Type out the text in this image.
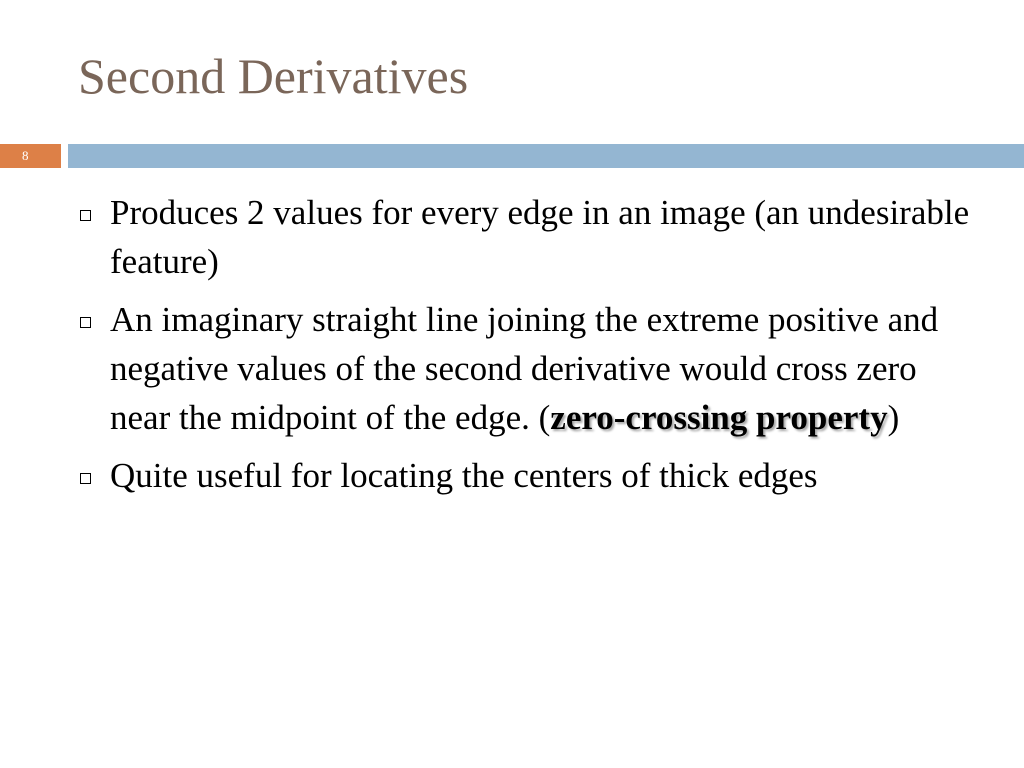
Second Derivatives
8
Produces 2 values for every edge in an image (an undesirable feature)
An imaginary straight line joining the extreme positive and negative values of the second derivative would cross zero near the midpoint of the edge. (zero-crossing property)
Quite useful for locating the centers of thick edges
